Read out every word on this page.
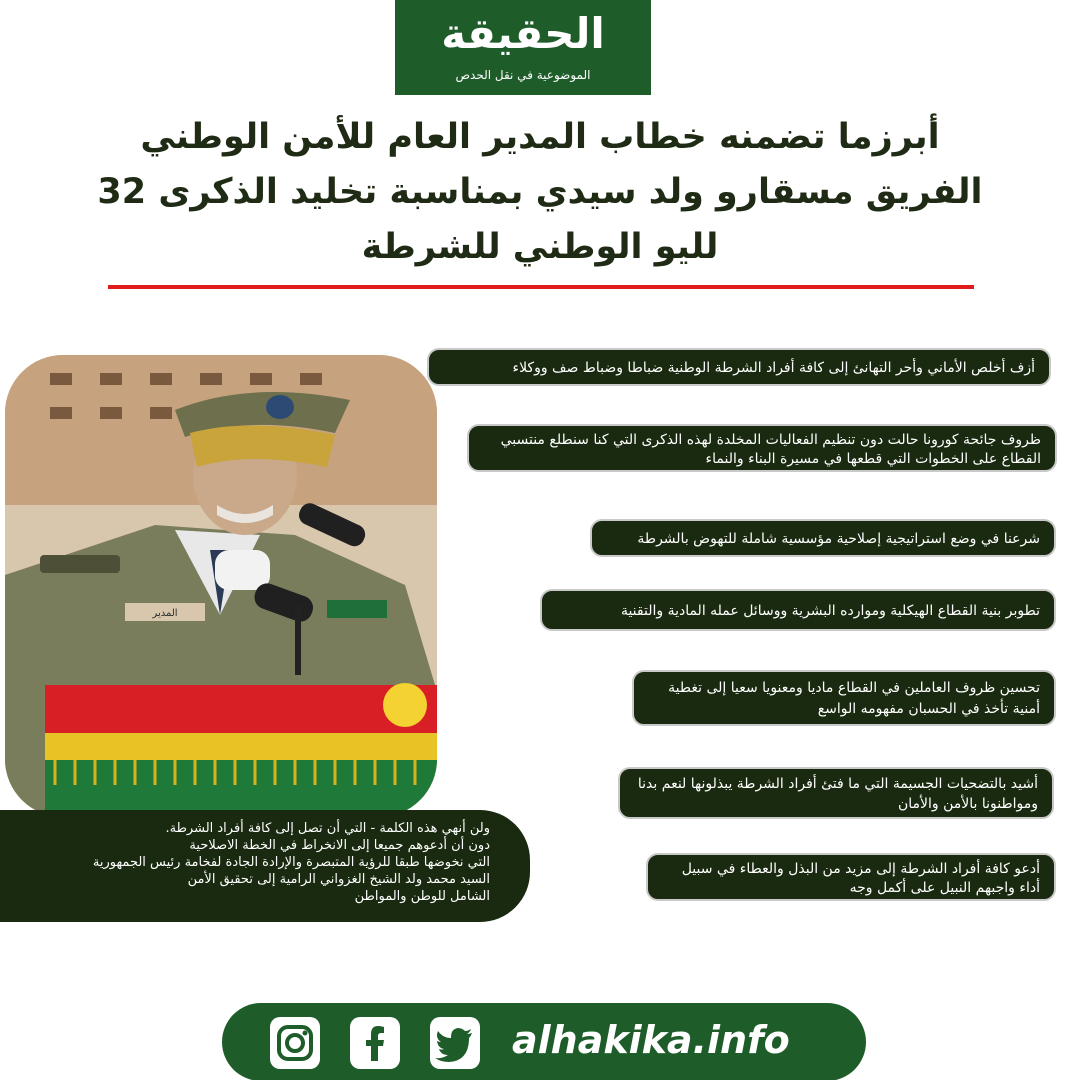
الحقيقة
الموضوعية في نقل الحدص
أبرزما تضمنه خطاب المدير العام للأمن الوطني
الفريق مسقارو ولد سيدي بمناسبة تخليد الذكرى 32
لليو الوطني للشرطة
المدير
أزف أخلص الأماني وأحر التهانئ إلى كافة أفراد الشرطة الوطنية ضباطا وضباط صف ووكلاء
ظروف جائحة كورونا حالت دون تنظيم الفعاليات المخلدة لهذه الذكرى التي كنا سنطلع منتسبي القطاع على الخطوات التي قطعها في مسيرة البناء والنماء
شرعنا في وضع استراتيجية إصلاحية مؤسسية شاملة للتهوض بالشرطة
تطوبر بنية القطاع الهيكلية وموارده البشرية ووسائل عمله المادية والتقنية
تحسين ظروف العاملين في القطاع ماديا ومعنويا سعيا إلى تغطية أمنية تأخذ في الحسبان مفهومه الواسع
أشيد بالتضحيات الجسيمة التي ما فتئ أفراد الشرطة يبذلونها لنعم بدنا ومواطنونا بالأمن والأمان
أدعو كافة أفراد الشرطة إلى مزيد من البذل والعطاء في سبيل أداء واجبهم النبيل على أكمل وجه
ولن أنهي هذه الكلمة - التي أن تصل إلى كافة أفراد الشرطة.
دون أن أدعوهم جميعا إلى الانخراط في الخطة الاصلاحية
التي نخوضها طبقا للرؤية المتبصرة والإرادة الجادة لفخامة رئيس الجمهورية
السيد محمد ولد الشيخ الغزواني الرامية إلى تحقيق الأمن
الشامل للوطن والمواطن
alhakika.info
